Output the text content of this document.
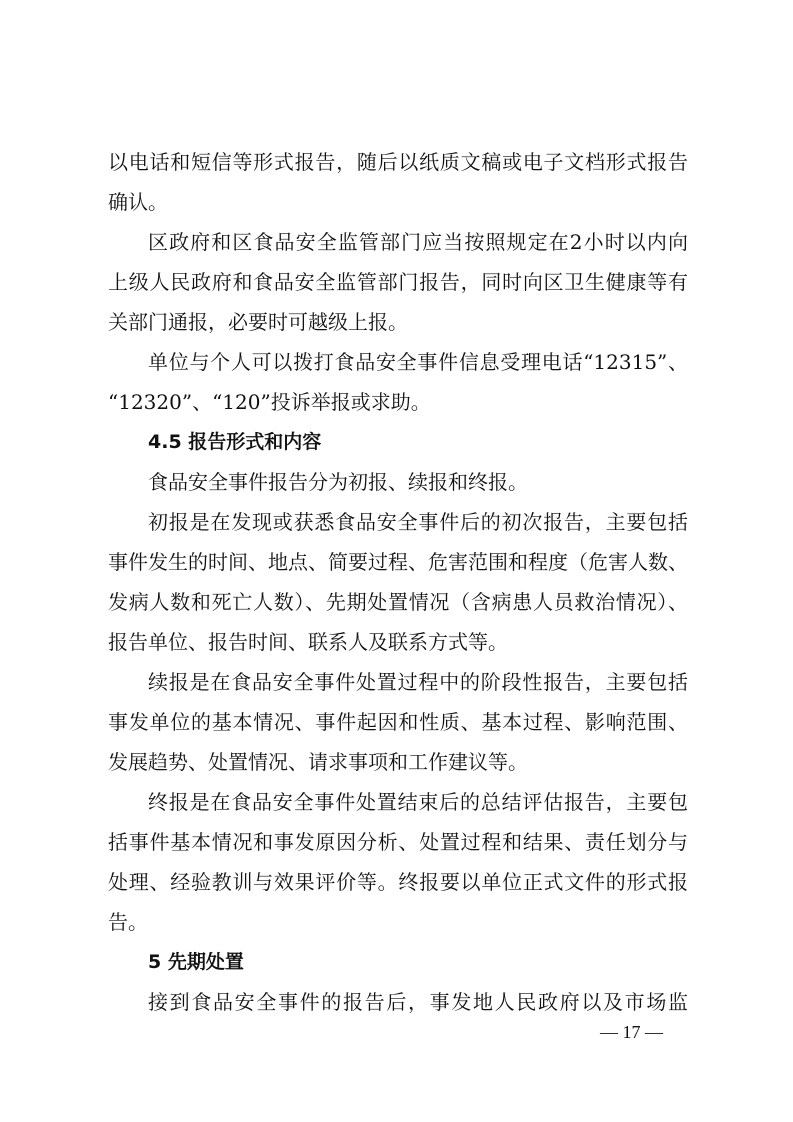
以电话和短信等形式报告，随后以纸质文稿或电子文档形式报告
确认。
区政府和区食品安全监管部门应当按照规定在2小时以内向
上级人民政府和食品安全监管部门报告，同时向区卫生健康等有
关部门通报，必要时可越级上报。
单位与个人可以拨打食品安全事件信息受理电话“12315”、
“12320”、“120”投诉举报或求助。
4.5 报告形式和内容
食品安全事件报告分为初报、续报和终报。
初报是在发现或获悉食品安全事件后的初次报告，主要包括
事件发生的时间、地点、简要过程、危害范围和程度（危害人数、
发病人数和死亡人数）、先期处置情况（含病患人员救治情况）、
报告单位、报告时间、联系人及联系方式等。
续报是在食品安全事件处置过程中的阶段性报告，主要包括
事发单位的基本情况、事件起因和性质、基本过程、影响范围、
发展趋势、处置情况、请求事项和工作建议等。
终报是在食品安全事件处置结束后的总结评估报告，主要包
括事件基本情况和事发原因分析、处置过程和结果、责任划分与
处理、经验教训与效果评价等。终报要以单位正式文件的形式报
告。
5 先期处置
接到食品安全事件的报告后，事发地人民政府以及市场监
— 17 —
